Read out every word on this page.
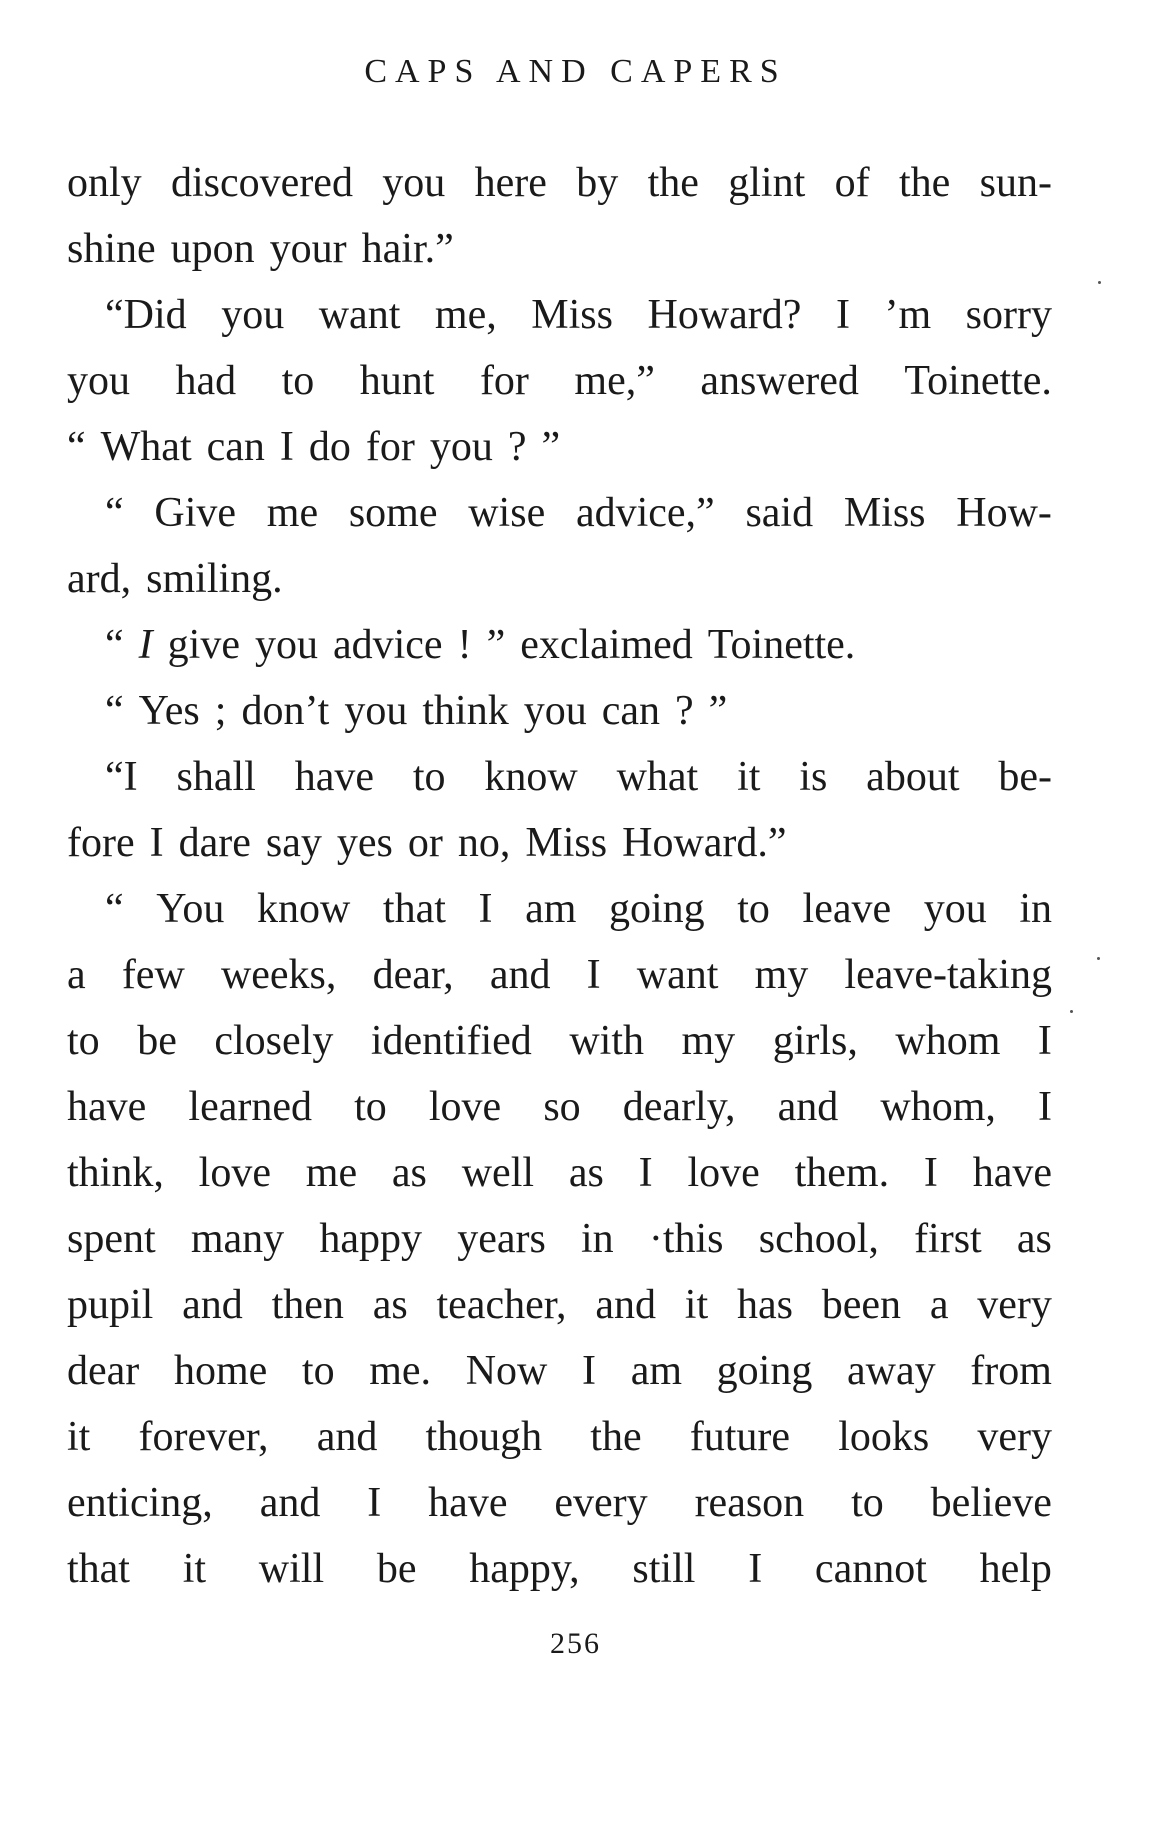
CAPS AND CAPERS
only discovered you here by the glint of the sun-
shine upon your hair.”
“Did you want me, Miss Howard? I ’m sorry
you had to hunt for me,” answered Toinette.
“ What can I do for you ? ”
“ Give me some wise advice,” said Miss How-
ard, smiling.
“ I give you advice ! ” exclaimed Toinette.
“ Yes ; don’t you think you can ? ”
“I shall have to know what it is about be-
fore I dare say yes or no, Miss Howard.”
“ You know that I am going to leave you in
a few weeks, dear, and I want my leave-taking
to be closely identified with my girls, whom I
have learned to love so dearly, and whom, I
think, love me as well as I love them. I have
spent many happy years in ·this school, first as
pupil and then as teacher, and it has been a very
dear home to me. Now I am going away from
it forever, and though the future looks very
enticing, and I have every reason to believe
that it will be happy, still I cannot help
256
